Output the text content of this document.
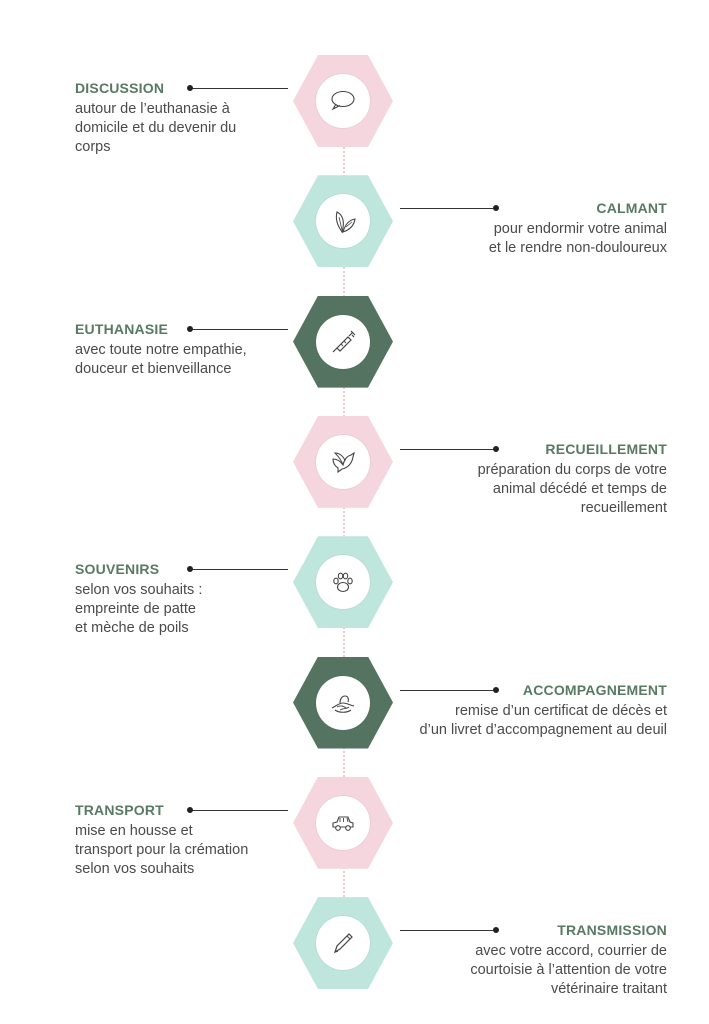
DISCUSSION
autour de l’euthanasie à
domicile et du devenir du
corps
CALMANT
pour endormir votre animal
et le rendre non-douloureux
EUTHANASIE
avec toute notre empathie,
douceur et bienveillance
RECUEILLEMENT
préparation du corps de votre
animal décédé et temps de
recueillement
SOUVENIRS
selon vos souhaits :
empreinte de patte
et mèche de poils
ACCOMPAGNEMENT
remise d’un certificat de décès et
d’un livret d’accompagnement au deuil
TRANSPORT
mise en housse et
transport pour la crémation
selon vos souhaits
TRANSMISSION
avec votre accord, courrier de
courtoisie à l’attention de votre
vétérinaire traitant
